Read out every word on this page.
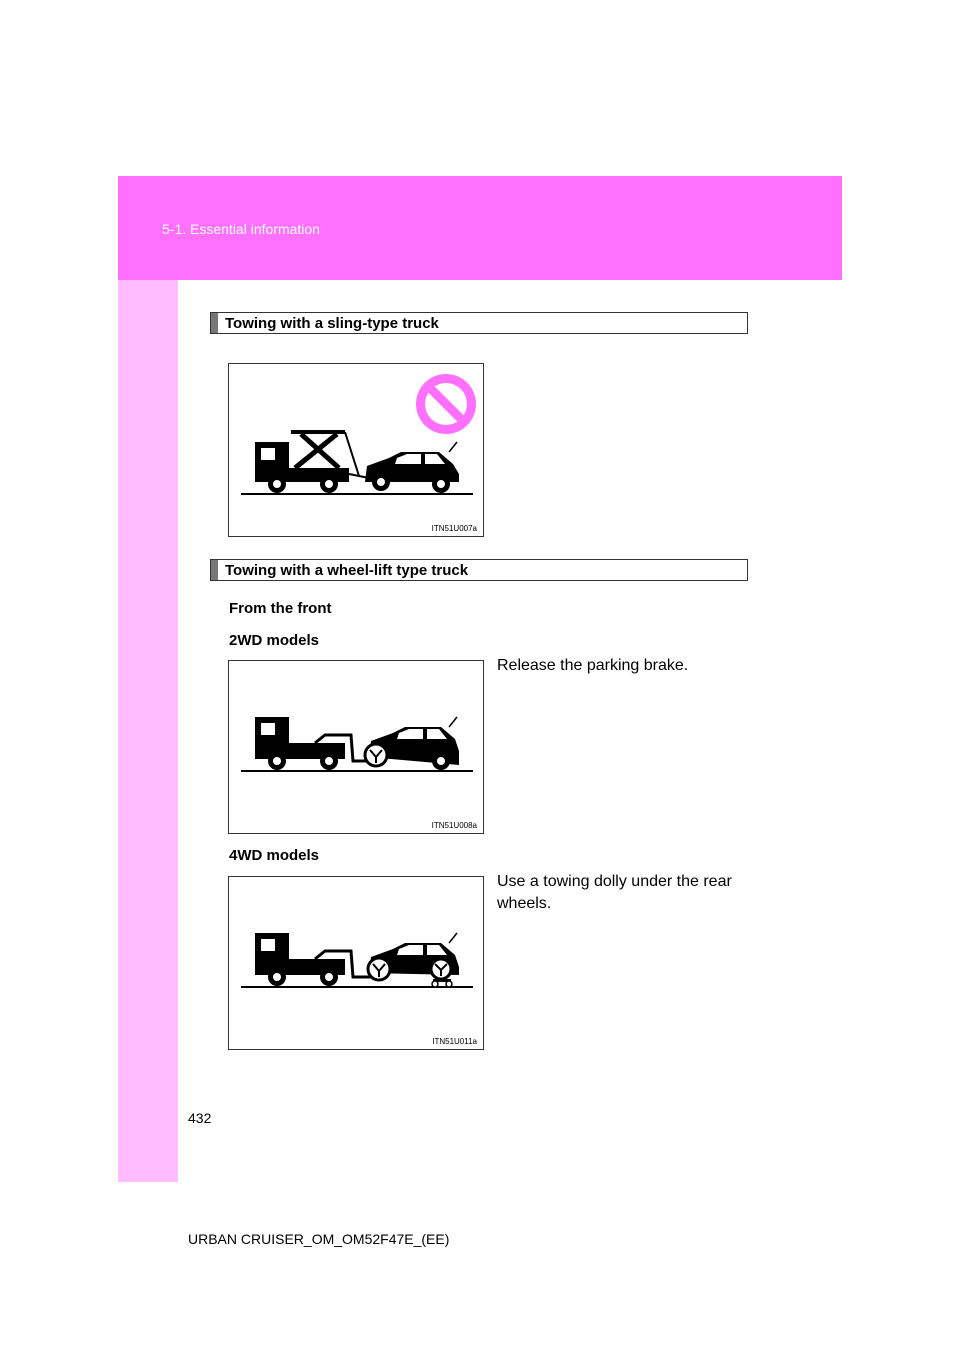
5-1. Essential information
Towing with a sling-type truck
ITN51U007a
Towing with a wheel-lift type truck
From the front
2WD models
Release the parking brake.
ITN51U008a
4WD models
Use a towing dolly under the rear wheels.
ITN51U011a
432
URBAN CRUISER_OM_OM52F47E_(EE)
